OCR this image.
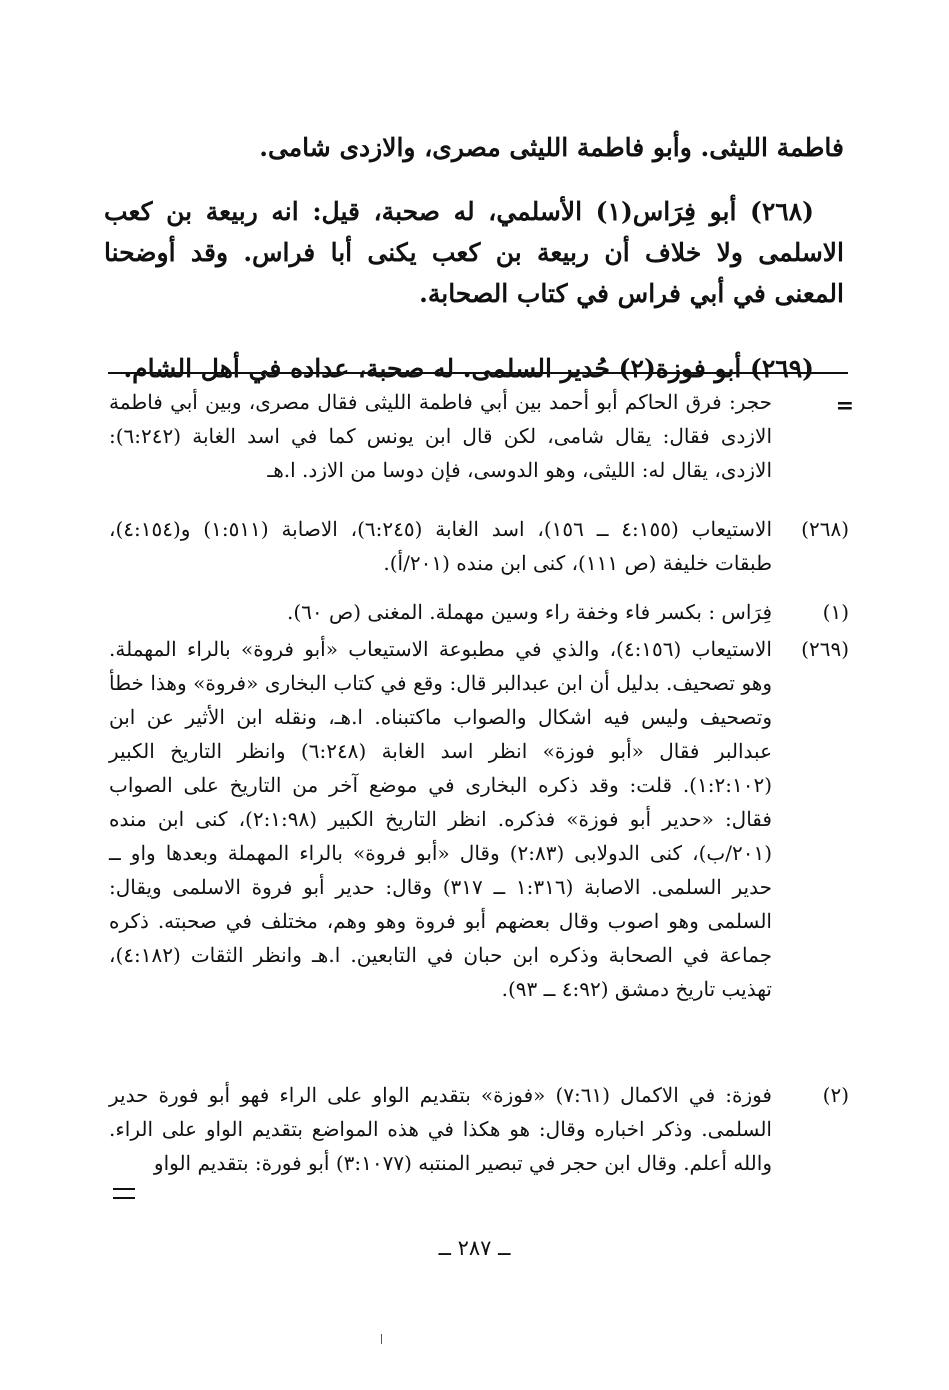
فاطمة الليثى. وأبو فاطمة الليثى مصرى، والازدى شامى.

(٢٦٨) أبو فِرَاس(١) الأسلمي، له صحبة، قيل: انه ربيعة بن كعب الاسلمى ولا خلاف أن ربيعة بن كعب يكنى أبا فراس. وقد أوضحنا المعنى في أبي فراس في كتاب الصحابة.

(٢٦٩) أبو فوزة(٢) حُدير السلمى. له صحبة، عداده في أهل الشام.

=
حجر: فرق الحاكم أبو أحمد بين أبي فاطمة الليثى فقال مصرى، وبين أبي فاطمة الازدى فقال: يقال شامى، لكن قال ابن يونس كما في اسد الغابة (٦:٢٤٢): الازدى، يقال له: الليثى، وهو الدوسى، فإن دوسا من الازد. ا.هـ
(٢٦٨)
الاستيعاب (٤:١٥٥ ــ ١٥٦)، اسد الغابة (٦:٢٤٥)، الاصابة (١:٥١١) و(٤:١٥٤)، طبقات خليفة (ص ١١١)، كنى ابن منده (٢٠١/أ).
(١)
فِرَاس : بكسر فاء وخفة راء وسين مهملة. المغنى (ص ٦٠).
(٢٦٩)
الاستيعاب (٤:١٥٦)، والذي في مطبوعة الاستيعاب «أبو فروة» بالراء المهملة. وهو تصحيف. بدليل أن ابن عبدالبر قال: وقع في كتاب البخارى «فروة» وهذا خطأ وتصحيف وليس فيه اشكال والصواب ماكتبناه. ا.هـ، ونقله ابن الأثير عن ابن عبدالبر فقال «أبو فوزة» انظر اسد الغابة (٦:٢٤٨) وانظر التاريخ الكبير (١:٢:١٠٢). قلت: وقد ذكره البخارى في موضع آخر من التاريخ على الصواب فقال: «حدير أبو فوزة» فذكره. انظر التاريخ الكبير (٢:١:٩٨)، كنى ابن منده (٢٠١/ب)، كنى الدولابى (٢:٨٣) وقال «أبو فروة» بالراء المهملة وبعدها واو ــ حدير السلمى. الاصابة (١:٣١٦ ــ ٣١٧) وقال: حدير أبو فروة الاسلمى ويقال: السلمى وهو اصوب وقال بعضهم أبو فروة وهو وهم، مختلف في صحبته. ذكره جماعة في الصحابة وذكره ابن حبان في التابعين. ا.هـ وانظر الثقات (٤:١٨٢)، تهذيب تاريخ دمشق (٤:٩٢ ــ ٩٣).
(٢)
فوزة: في الاكمال (٧:٦١) «فوزة» بتقديم الواو على الراء فهو أبو فورة حدير السلمى. وذكر اخباره وقال: هو هكذا في هذه المواضع بتقديم الواو على الراء. والله أعلم. وقال ابن حجر في تبصير المنتبه (٣:١٠٧٧) أبو فورة: بتقديم الواو
ــ ٢٨٧ ــ
